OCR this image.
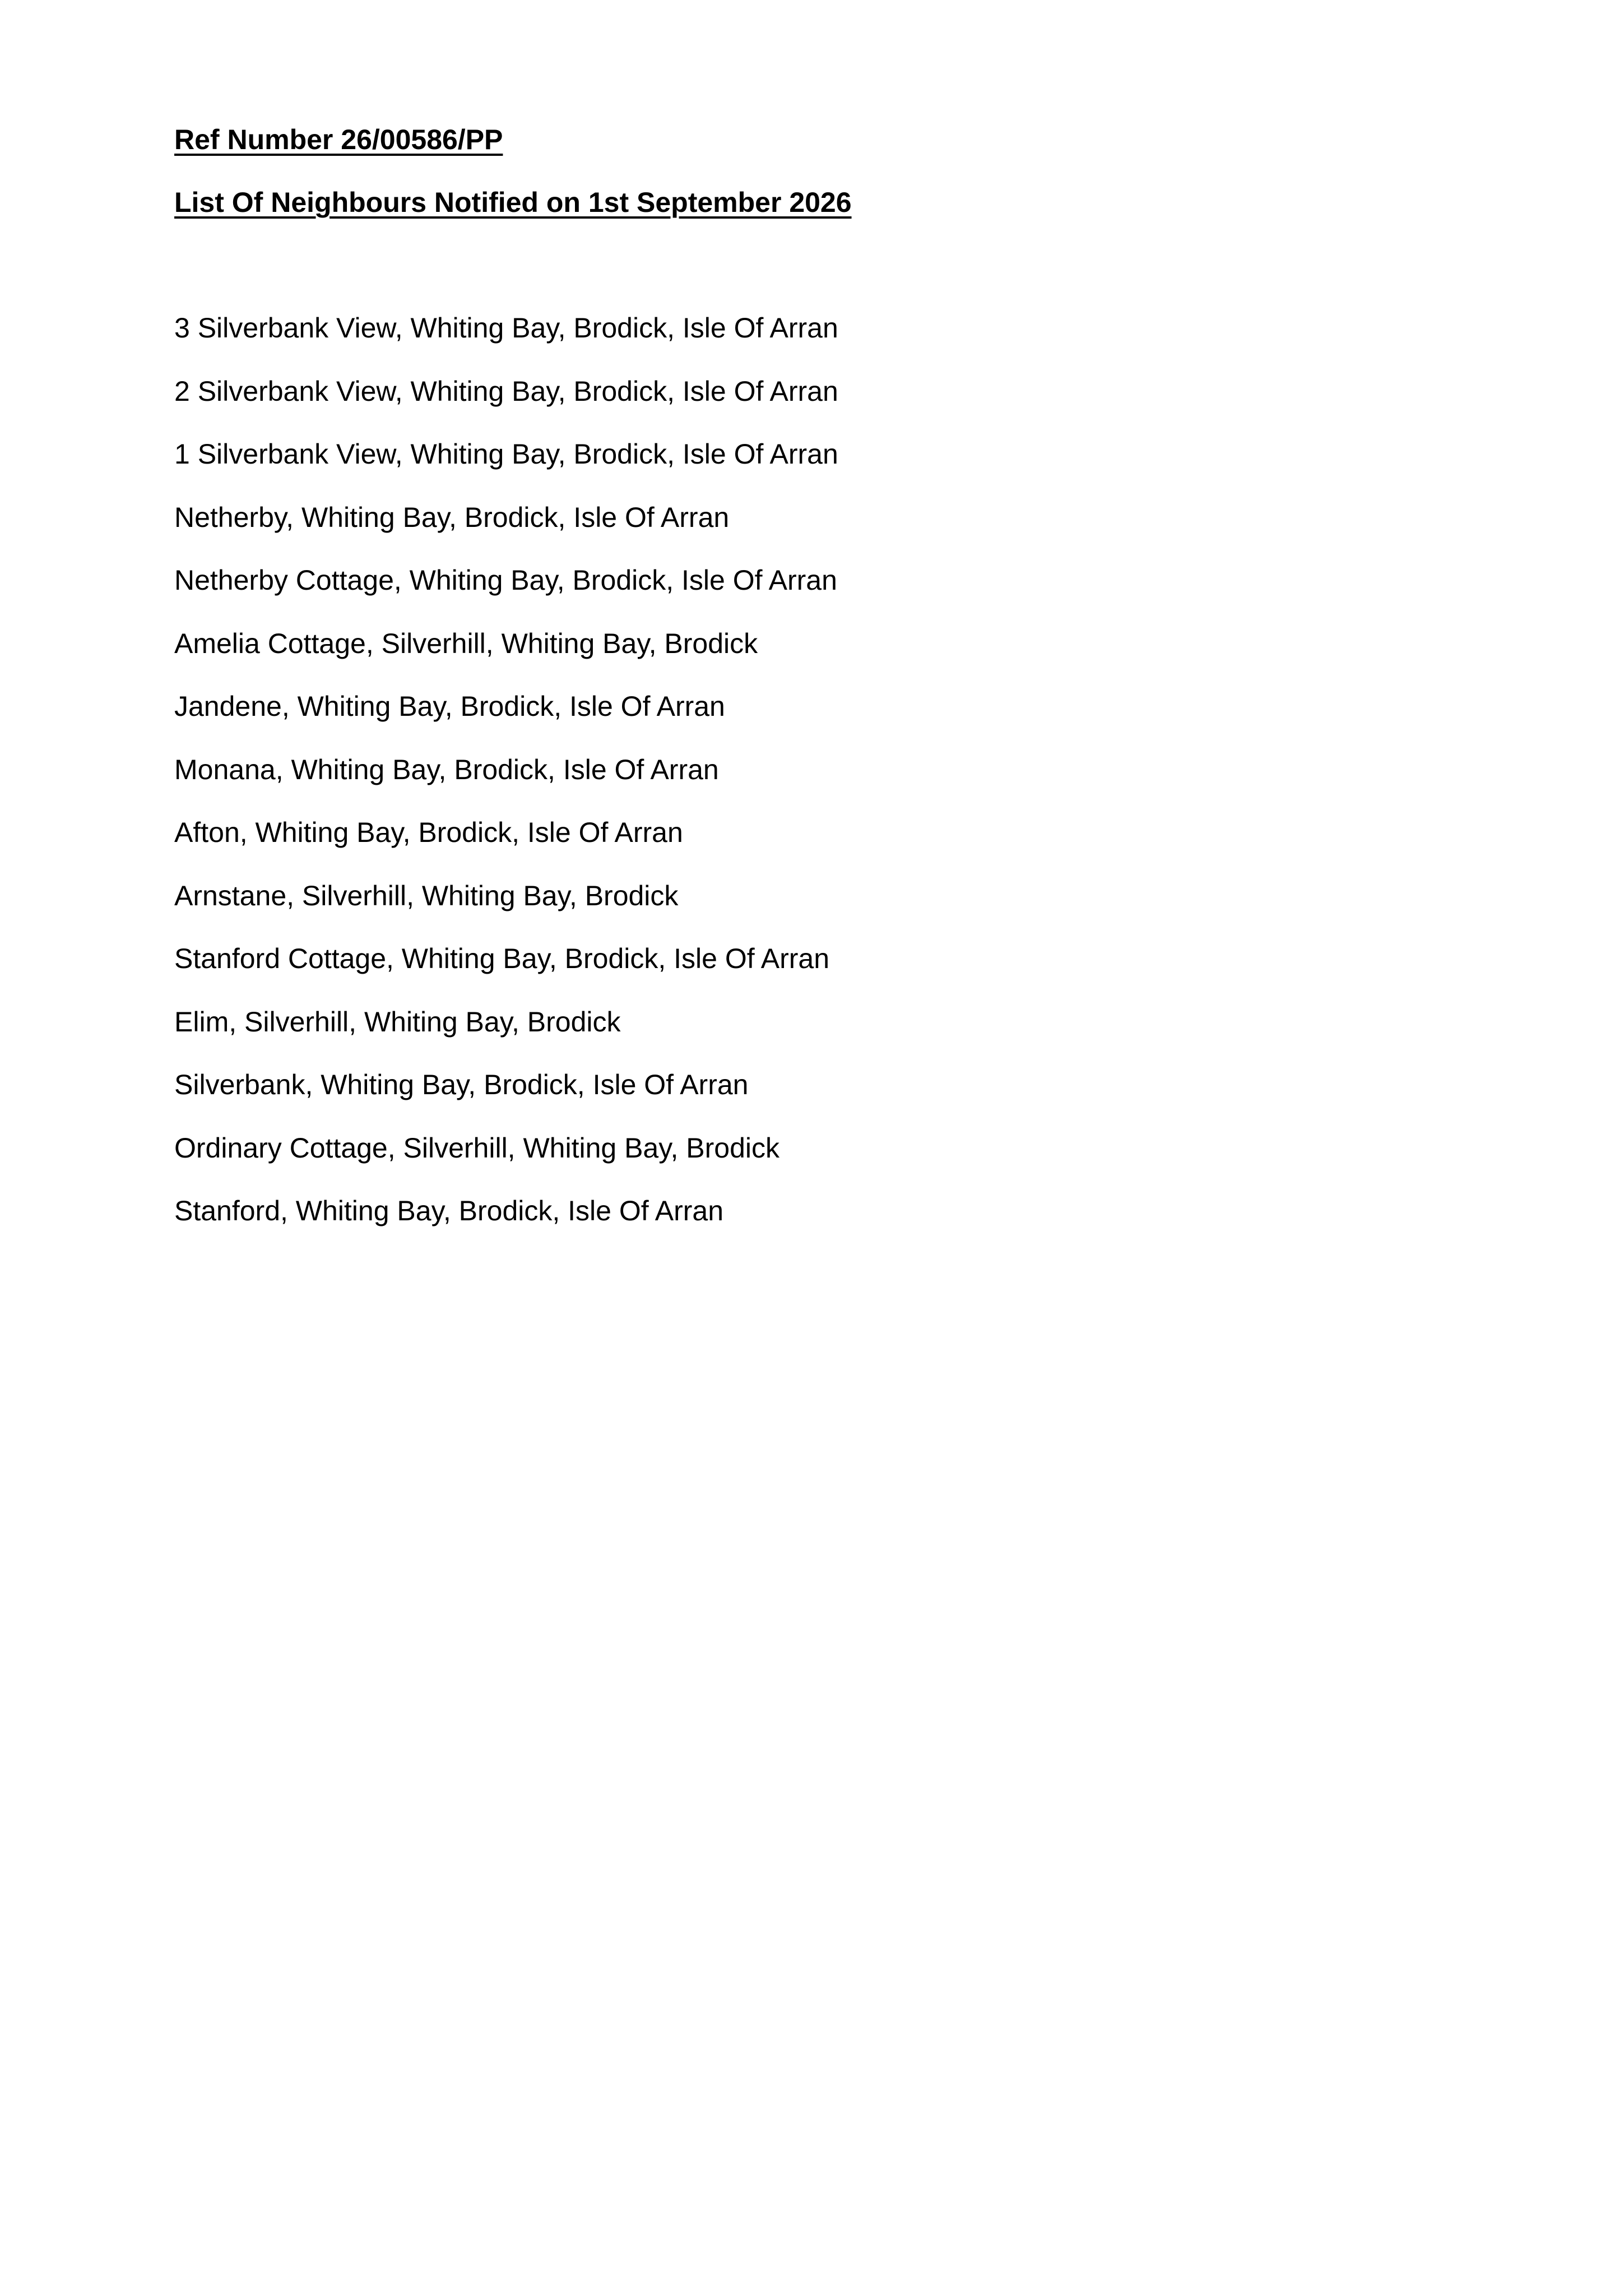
Ref Number 26/00586/PP

List Of Neighbours Notified on 1st September 2026

3 Silverbank View, Whiting Bay, Brodick, Isle Of Arran
2 Silverbank View, Whiting Bay, Brodick, Isle Of Arran
1 Silverbank View, Whiting Bay, Brodick, Isle Of Arran
Netherby, Whiting Bay, Brodick, Isle Of Arran
Netherby Cottage, Whiting Bay, Brodick, Isle Of Arran
Amelia Cottage, Silverhill, Whiting Bay, Brodick
Jandene, Whiting Bay, Brodick, Isle Of Arran
Monana, Whiting Bay, Brodick, Isle Of Arran
Afton, Whiting Bay, Brodick, Isle Of Arran
Arnstane, Silverhill, Whiting Bay, Brodick
Stanford Cottage, Whiting Bay, Brodick, Isle Of Arran
Elim, Silverhill, Whiting Bay, Brodick
Silverbank, Whiting Bay, Brodick, Isle Of Arran
Ordinary Cottage, Silverhill, Whiting Bay, Brodick
Stanford, Whiting Bay, Brodick, Isle Of Arran
